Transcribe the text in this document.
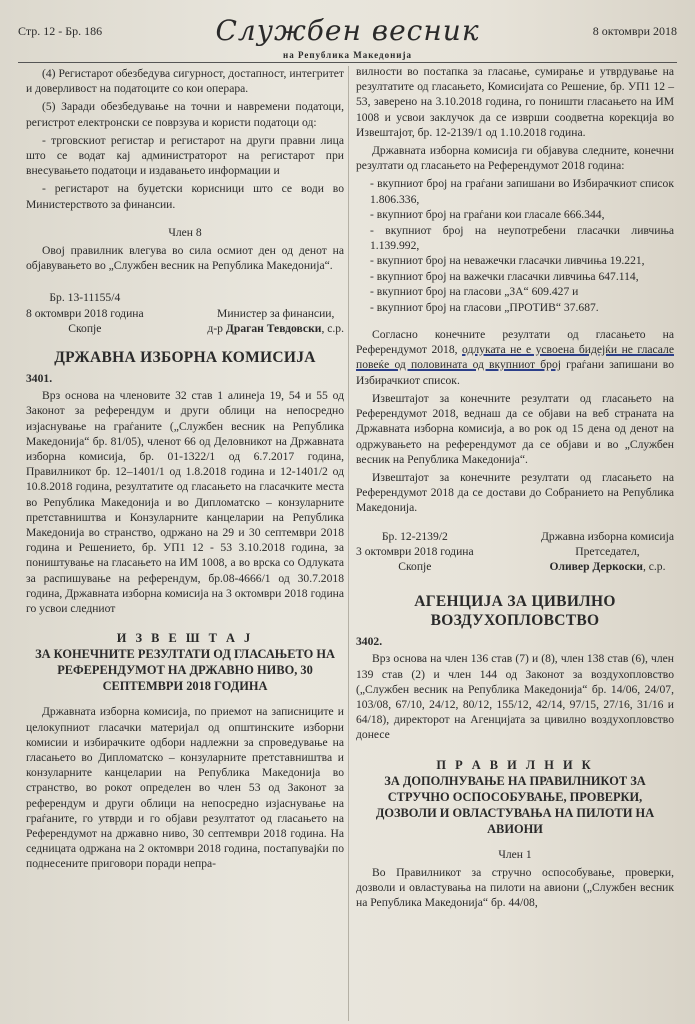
Стр. 12 - Бр. 186	Службен весник
на Република Македонија
8 октомври 2018

(4) Регистарот обезбедува сигурност, достапност, интегритет и доверливост на податоците со кои операра.

(5) Заради обезбедување на точни и навремени податоци, регистрот електронски се поврзува и користи податоци од:

- трговскиот регистар и регистарот на други правни лица што се водат кај администраторот на регистарот при внесувањето податоци и издавањето информации и

- регистарот на буџетски корисници што се води во Министерството за финансии.

Член 8

Овој правилник влегува во сила осмиот ден од денот на објавувањето во „Службен весник на Република Македонија“.

Бр. 13-11155/4
8 октомври 2018 година
Скопје

Министер за финансии,
д-р Драган Тевдовски, с.р.
ДРЖАВНА ИЗБОРНА КОМИСИЈА

3401.

Врз основа на членовите 32 став 1 алинеја 19, 54 и 55 од Законот за референдум и други облици на непосредно изјаснување на граѓаните („Службен весник на Република Македонија“ бр. 81/05), членот 66 од Деловникот на Државната изборна комисија, бр. 01-1322/1 од 6.7.2017 година, Правилникот бр. 12–1401/1 од 1.8.2018 година и 12-1401/2 од 10.8.2018 година, резултатите од гласањето на гласачките места во Република Македонија и во Дипломатско – конзуларните претставништва и Конзуларните канцеларии на Република Македонија во странство, одржано на 29 и 30 септември 2018 година и Решението, бр. УП1 12 - 53 3.10.2018 година, за поништување на гласањето на ИМ 1008, а во врска со Одлуката за распишување на референдум, бр.08-4666/1 од 30.7.2018 година, Државната изборна комисија на 3 октомври 2018 година го усвои следниот

И З В Е Ш Т А Ј
ЗА КОНЕЧНИТЕ РЕЗУЛТАТИ ОД ГЛАСАЊЕТО НА РЕФЕРЕНДУМОТ НА ДРЖАВНО НИВО, 30 СЕПТЕМВРИ 2018 ГОДИНА

Државната изборна комисија, по приемот на записниците и целокупниот гласачки материјал од општинските изборни комисии и избирачките одбори надлежни за спроведување на гласањето во Дипломатско – конзуларните претставништва и конзуларните канцеларии на Република Македонија во странство, во рокот определен во член 53 од Законот за референдум и други облици на непосредно изјаснување на граѓаните, го утврди и го објави резултатот од гласањето на Референдумот на државно ниво, 30 септември 2018 година. На седницата одржана на 2 октомври 2018 година, постапувајќи по поднесените приговори поради непра-

вилности во постапка за гласање, сумирање и утврдување на резултатите од гласањето, Комисијата со Решение, бр. УП1 12 – 53, заверено на 3.10.2018 година, го поништи гласањето на ИМ 1008 и усвои заклучок да се изврши соодветна корекција во Извештајот, бр. 12-2139/1 од 1.10.2018 година.

Државната изборна комисија ги објавува следните, конечни резултати од гласањето на Референдумот 2018 година:

- вкупниот број на граѓани запишани во Избирачкиот список 1.806.336,
- вкупниот број на граѓани кои гласале 666.344,
- вкупниот број на неупотребени гласачки ливчиња 1.139.992,
- вкупниот број на неважечки гласачки ливчиња 19.221,
- вкупниот број на важечки гласачки ливчиња 647.114,
- вкупниот број на гласови „ЗА“ 609.427 и
- вкупниот број на гласови „ПРОТИВ“ 37.687.

Согласно конечните резултати од гласањето на Референдумот 2018, одлуката не е усвоена бидејќи не гласале повеќе од половината од вкупниот број граѓани запишани во Избирачкиот список.

Извештајот за конечните резултати од гласањето на Референдумот 2018, веднаш да се објави на веб страната на Државната изборна комисија, а во рок од 15 дена од денот на одржувањето на референдумот да се објави и во „Службен весник на Република Македонија“.

Извештајот за конечните резултати од гласањето на Референдумот 2018 да се достави до Собранието на Република Македонија.

Бр. 12-2139/2
3 октомври 2018 година
Скопје
Државна изборна комисија
Претседател,
Оливер Деркоски, с.р.
АГЕНЦИЈА ЗА ЦИВИЛНО ВОЗДУХОПЛОВСТВО

3402.

Врз основа на член 136 став (7) и (8), член 138 став (6), член 139 став (2) и член 144 од Законот за воздухопловство („Службен весник на Република Македонија“ бр. 14/06, 24/07, 103/08, 67/10, 24/12, 80/12, 155/12, 42/14, 97/15, 27/16, 31/16 и 64/18), директорот на Агенцијата за цивилно воздухопловство донесе

П Р А В И Л Н И К
ЗА ДОПОЛНУВАЊЕ НА ПРАВИЛНИКОТ ЗА СТРУЧНО ОСПОСОБУВАЊЕ, ПРОВЕРКИ, ДОЗВОЛИ И ОВЛАСТУВАЊА НА ПИЛОТИ НА АВИОНИ

Член 1

Во Правилникот за стручно оспособување, проверки, дозволи и овластувања на пилоти на авиони („Службен весник на Република Македонија“ бр. 44/08,
